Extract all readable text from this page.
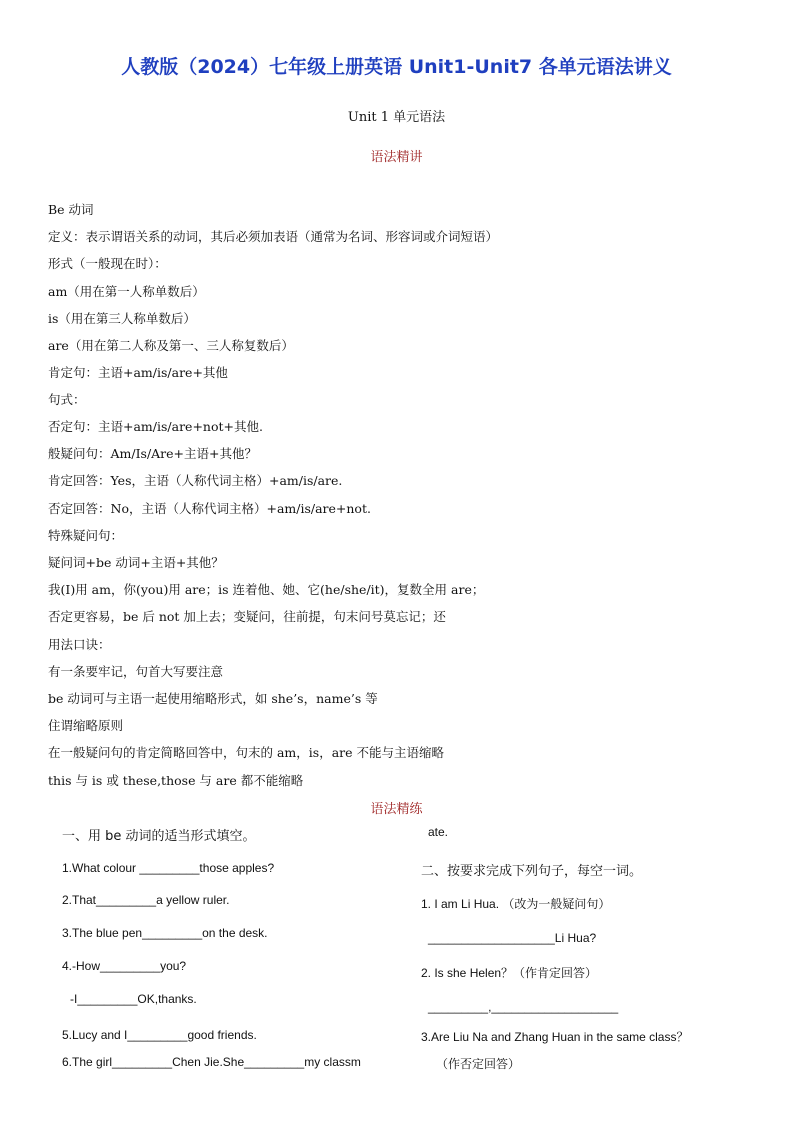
人教版（2024）七年级上册英语 Unit1-Unit7 各单元语法讲义
Unit 1 单元语法
语法精讲
Be 动词
定义：表示谓语关系的动词，其后必须加表语（通常为名词、形容词或介词短语）
形式（一般现在时）：
am（用在第一人称单数后）
is（用在第三人称单数后）
are（用在第二人称及第一、三人称复数后）
肯定句：主语+am/is/are+其他
句式：
否定句：主语+am/is/are+not+其他.
般疑问句：Am/Is/Are+主语+其他？
肯定回答：Yes，主语（人称代词主格）+am/is/are.
否定回答：No，主语（人称代词主格）+am/is/are+not.
特殊疑问句：
疑问词+be 动词+主语+其他？
我(I)用 am，你(you)用 are；is 连着他、她、它(he/she/it)，复数全用 are；
否定更容易，be 后 not 加上去；变疑问，往前提，句末问号莫忘记；还
用法口诀：
有一条要牢记，句首大写要注意
be 动词可与主语一起使用缩略形式，如 she’s，name’s 等
住谓缩略原则
在一般疑问句的肯定简略回答中，句末的 am，is，are 不能与主语缩略
this 与 is 或 these,those 与 are 都不能缩略
语法精练
一、用 be 动词的适当形式填空。
1.What colour _________those apples?
2.That_________a yellow ruler.
3.The blue pen_________on the desk.
4.-How_________you?
-I_________OK,thanks.
5.Lucy and I_________good friends.
6.The girl_________Chen Jie.She_________my classm
ate.
二、按要求完成下列句子，每空一词。
1. I am Li Hua. （改为一般疑问句）
___________________Li Hua?
2. Is she Helen？（作肯定回答）
_________,___________________
3.Are Liu Na and Zhang Huan in the same class？
（作否定回答）
